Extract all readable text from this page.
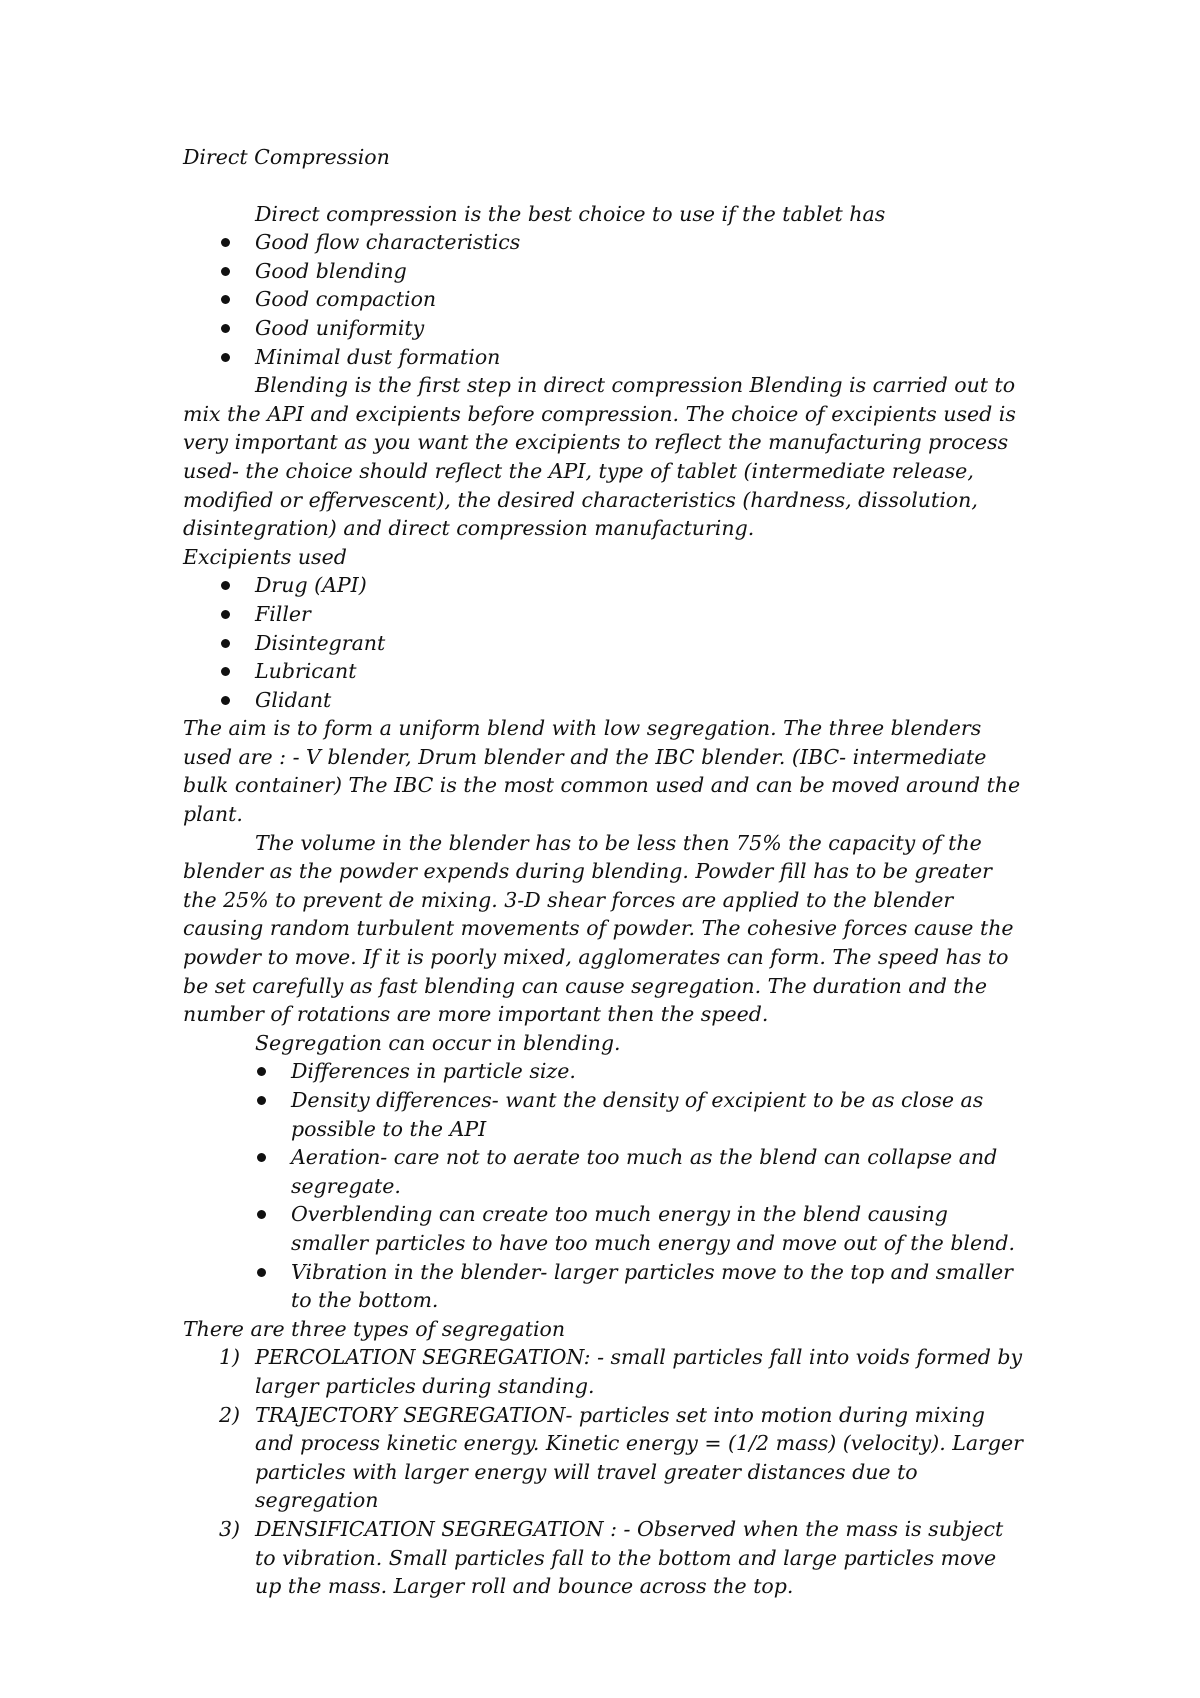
Direct Compression

Direct compression is the best choice to use if the tablet has

Good flow characteristics
Good blending
Good compaction
Good uniformity
Minimal dust formation

Blending is the first step in direct compression Blending is carried out to mix the API and excipients before compression. The choice of excipients used is very important as you want the excipients to reflect the manufacturing process used- the choice should reflect the API, type of tablet (intermediate release, modified or effervescent), the desired characteristics (hardness, dissolution, disintegration) and direct compression manufacturing.

Excipients used

Drug (API)
Filler
Disintegrant
Lubricant
Glidant

The aim is to form a uniform blend with low segregation. The three blenders used are : - V blender, Drum blender and the IBC blender. (IBC- intermediate bulk container) The IBC is the most common used and can be moved around the plant.

The volume in the blender has to be less then 75% the capacity of the blender as the powder expends during blending. Powder fill has to be greater the 25% to prevent de mixing. 3-D shear forces are applied to the blender causing random turbulent movements of powder. The cohesive forces cause the powder to move. If it is poorly mixed, agglomerates can form. The speed has to be set carefully as fast blending can cause segregation. The duration and the number of rotations are more important then the speed.

Segregation can occur in blending.

Differences in particle size.
Density differences- want the density of excipient to be as close as possible to the API
Aeration- care not to aerate too much as the blend can collapse and segregate.
Overblending can create too much energy in the blend causing smaller particles to have too much energy and move out of the blend.
Vibration in the blender- larger particles move to the top and smaller to the bottom.

There are three types of segregation

1) PERCOLATION SEGREGATION: - small particles fall into voids formed by larger particles during standing.
2) TRAJECTORY SEGREGATION- particles set into motion during mixing and process kinetic energy. Kinetic energy = (1/2 mass) (velocity). Larger particles with larger energy will travel greater distances due to segregation
3) DENSIFICATION SEGREGATION : - Observed when the mass is subject to vibration. Small particles fall to the bottom and large particles move up the mass. Larger roll and bounce across the top.
